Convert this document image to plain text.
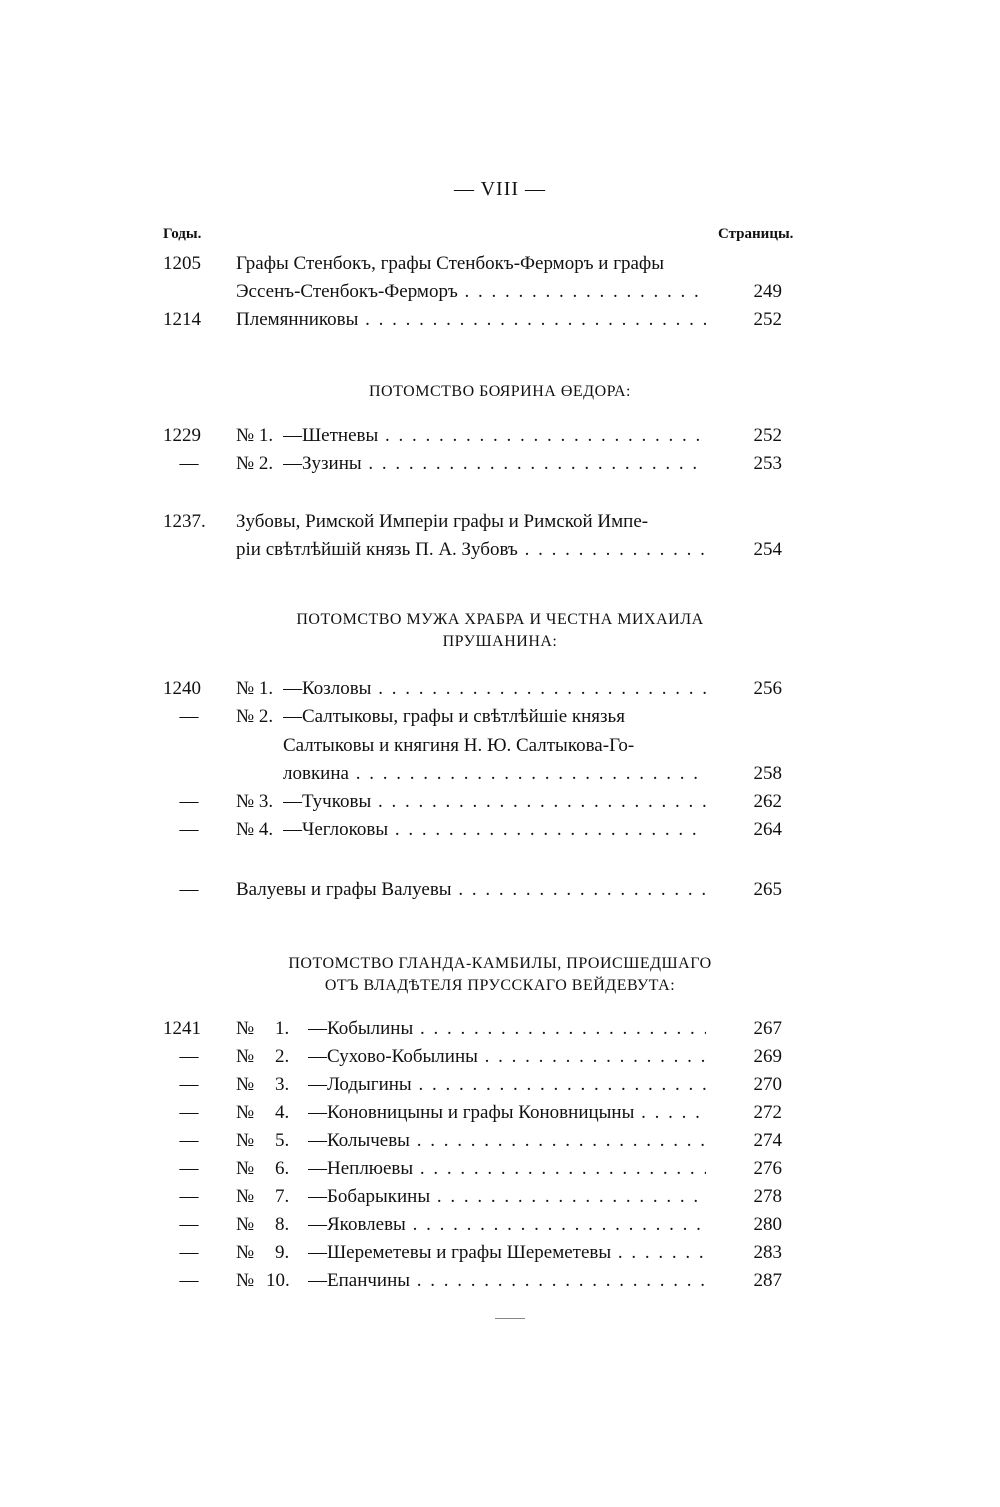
— VIII —
Годы.	Страницы.
1205	Графы Стенбокъ, графы Стенбокъ-Ферморъ и графы
Эссенъ-Стенбокъ-Ферморъ . . .	249
1214	Племянниковы . . .	252
ПОТОМСТВО БОЯРИНА ӨЕДОРА:
1229	№ 1. —Шетневы . . .	252
—	№ 2. —Зузины . . .	253
1237.	Зубовы, Римской Имперіи графы и Римской Импе-
ріи свѣтлѣйшій князь П. А. Зубовъ . . .	254
ПОТОМСТВО МУЖА ХРАБРА И ЧЕСТНА МИХАИЛА
ПРУШАНИНА:
1240	№ 1. —Козловы . . .	256
—	№ 2. —Салтыковы, графы и свѣтлѣйшіе князья
Салтыковы и княгиня Н. Ю. Салтыкова-Го-
ловкина . . .	258
—	№ 3. —Тучковы . . .	262
—	№ 4. —Чеглоковы . . .	264
—	Валуевы и графы Валуевы . . .	265
ПОТОМСТВО ГЛАНДА-КАМБИЛЫ, ПРОИСШЕДШАГО
ОТЪ ВЛАДѢТЕЛЯ ПРУССКАГО ВЕЙДЕВУТА:
1241	№ 1. —Кобылины . . .	267
—	№ 2. —Сухово-Кобылины . . .	269
—	№ 3. —Лодыгины . . .	270
—	№ 4. —Коновницыны и графы Коновницыны . . .	272
—	№ 5. —Колычевы . . .	274
—	№ 6. —Неплюевы . . .	276
—	№ 7. —Бобарыкины . . .	278
—	№ 8. —Яковлевы . . .	280
—	№ 9. —Шереметевы и графы Шереметевы . . .	283
—	№ 10. —Епанчины . . .	287
